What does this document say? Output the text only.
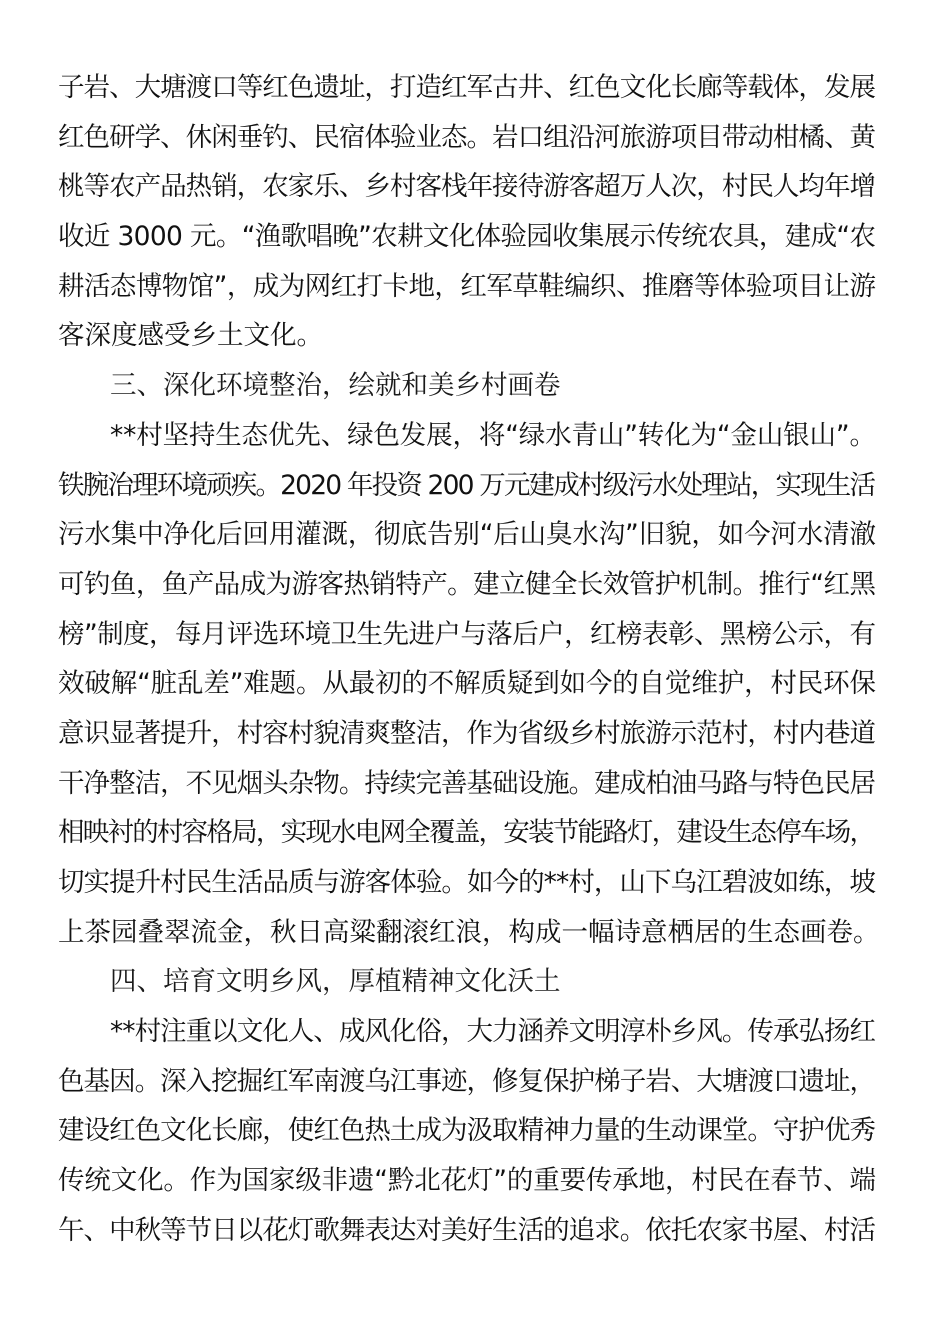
子岩、大塘渡口等红色遗址，打造红军古井、红色文化长廊等载体，发展
红色研学、休闲垂钓、民宿体验业态。岩口组沿河旅游项目带动柑橘、黄
桃等农产品热销，农家乐、乡村客栈年接待游客超万人次，村民人均年增
收近 3000 元。“渔歌唱晚”农耕文化体验园收集展示传统农具，建成“农
耕活态博物馆”，成为网红打卡地，红军草鞋编织、推磨等体验项目让游
客深度感受乡土文化。
三、深化环境整治，绘就和美乡村画卷
**村坚持生态优先、绿色发展，将“绿水青山”转化为“金山银山”。
铁腕治理环境顽疾。2020 年投资 200 万元建成村级污水处理站，实现生活
污水集中净化后回用灌溉，彻底告别“后山臭水沟”旧貌，如今河水清澈
可钓鱼，鱼产品成为游客热销特产。建立健全长效管护机制。推行“红黑
榜”制度，每月评选环境卫生先进户与落后户，红榜表彰、黑榜公示，有
效破解“脏乱差”难题。从最初的不解质疑到如今的自觉维护，村民环保
意识显著提升，村容村貌清爽整洁，作为省级乡村旅游示范村，村内巷道
干净整洁，不见烟头杂物。持续完善基础设施。建成柏油马路与特色民居
相映衬的村容格局，实现水电网全覆盖，安装节能路灯，建设生态停车场，
切实提升村民生活品质与游客体验。如今的**村，山下乌江碧波如练，坡
上茶园叠翠流金，秋日高粱翻滚红浪，构成一幅诗意栖居的生态画卷。
四、培育文明乡风，厚植精神文化沃土
**村注重以文化人、成风化俗，大力涵养文明淳朴乡风。传承弘扬红
色基因。深入挖掘红军南渡乌江事迹，修复保护梯子岩、大塘渡口遗址，
建设红色文化长廊，使红色热土成为汲取精神力量的生动课堂。守护优秀
传统文化。作为国家级非遗“黔北花灯”的重要传承地，村民在春节、端
午、中秋等节日以花灯歌舞表达对美好生活的追求。依托农家书屋、村活
